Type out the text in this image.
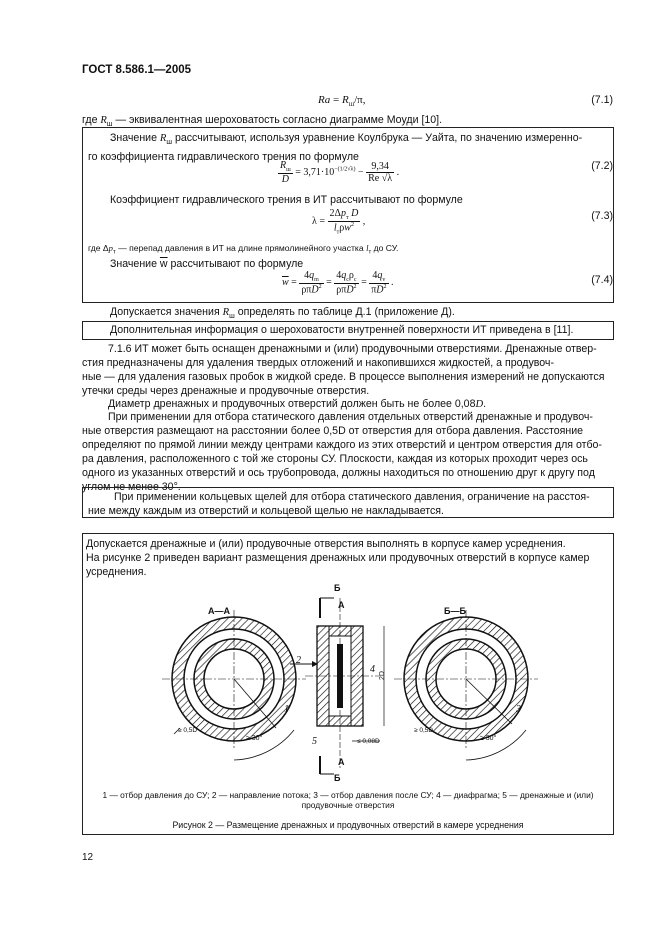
ГОСТ 8.586.1—2005
$Ra = R_ш/\pi$,	(7.1)
где $R_ш$ — эквивалентная шероховатость согласно диаграмме Моуди [10].
Значение $R_ш$ рассчитывают, используя уравнение Коулбрука — Уайта, по значению измеренно-
го коэффициента гидравлического трения по формуле
$\frac{R_ш}{D} = 3,71\cdot 10^{-(1/2√\lambda)} - \frac{9,34}{Re √\lambda}$ .
(7.2)
Коэффициент гидравлического трения в ИТ рассчитывают по формуле
$\lambda = \frac{2\Delta p_т D}{l_т\rho w^2}$ ,	(7.3)
где $\Delta p_т$ — перепад давления в ИТ на длине прямолинейного участка $l_т$ до СУ.
Значение $\overline{w}$ рассчитывают по формуле
$\overline{w} = \frac{4q_m}{\rho\pi D^2} = \frac{4q_c\rho_c}{\rho\pi D^2} = \frac{4q_v}{\pi D^2}$ .	(7.4)
Допускается значения $R_ш$ определять по таблице Д.1 (приложение Д).
Дополнительная информация о шероховатости внутренней поверхности ИТ приведена в [11].
7.1.6 ИТ может быть оснащен дренажными и (или) продувочными отверстиями. Дренажные отвер-
стия предназначены для удаления твердых отложений и накопившихся жидкостей, а продувоч-
ные — для удаления газовых пробок в жидкой среде. В процессе выполнения измерений не допускаются
утечки среды через дренажные и продувочные отверстия.
Диаметр дренажных и продувочных отверстий должен быть не более 0,08D.
При применении для отбора статического давления отдельных отверстий дренажные и продувоч-
ные отверстия размещают на расстоянии более 0,5D от отверстия для отбора давления. Расстояние
определяют по прямой линии между центрами каждого из этих отверстий и центром отверстия для отбо-
ра давления, расположенного с той же стороны СУ. Плоскости, каждая из которых проходит через ось
одного из указанных отверстий и ось трубопровода, должны находиться по отношению друг к другу под
углом не менее 30°.
При применении кольцевых щелей для отбора статического давления, ограничение на расстоя-
ние между каждым из отверстий и кольцевой щелью не накладывается.
Допускается дренажные и (или) продувочные отверстия выполнять в корпусе камер усреднения.
На рисунке 2 приведен вариант размещения дренажных или продувочных отверстий в корпусе камер
усреднения.
А—А	Б—Б
Б
А
А
Б
1
2
3
4
5
≥ 0,5D
≥ 30°	≤ 0,08D
2D
≥ 0,5D
≥ 30°
1 — отбор давления до СУ; 2 — направление потока; 3 — отбор давления после СУ; 4 — диафрагма; 5 — дренажные и (или)
продувочные отверстия
Рисунок 2 — Размещение дренажных и продувочных отверстий в камере усреднения
12
